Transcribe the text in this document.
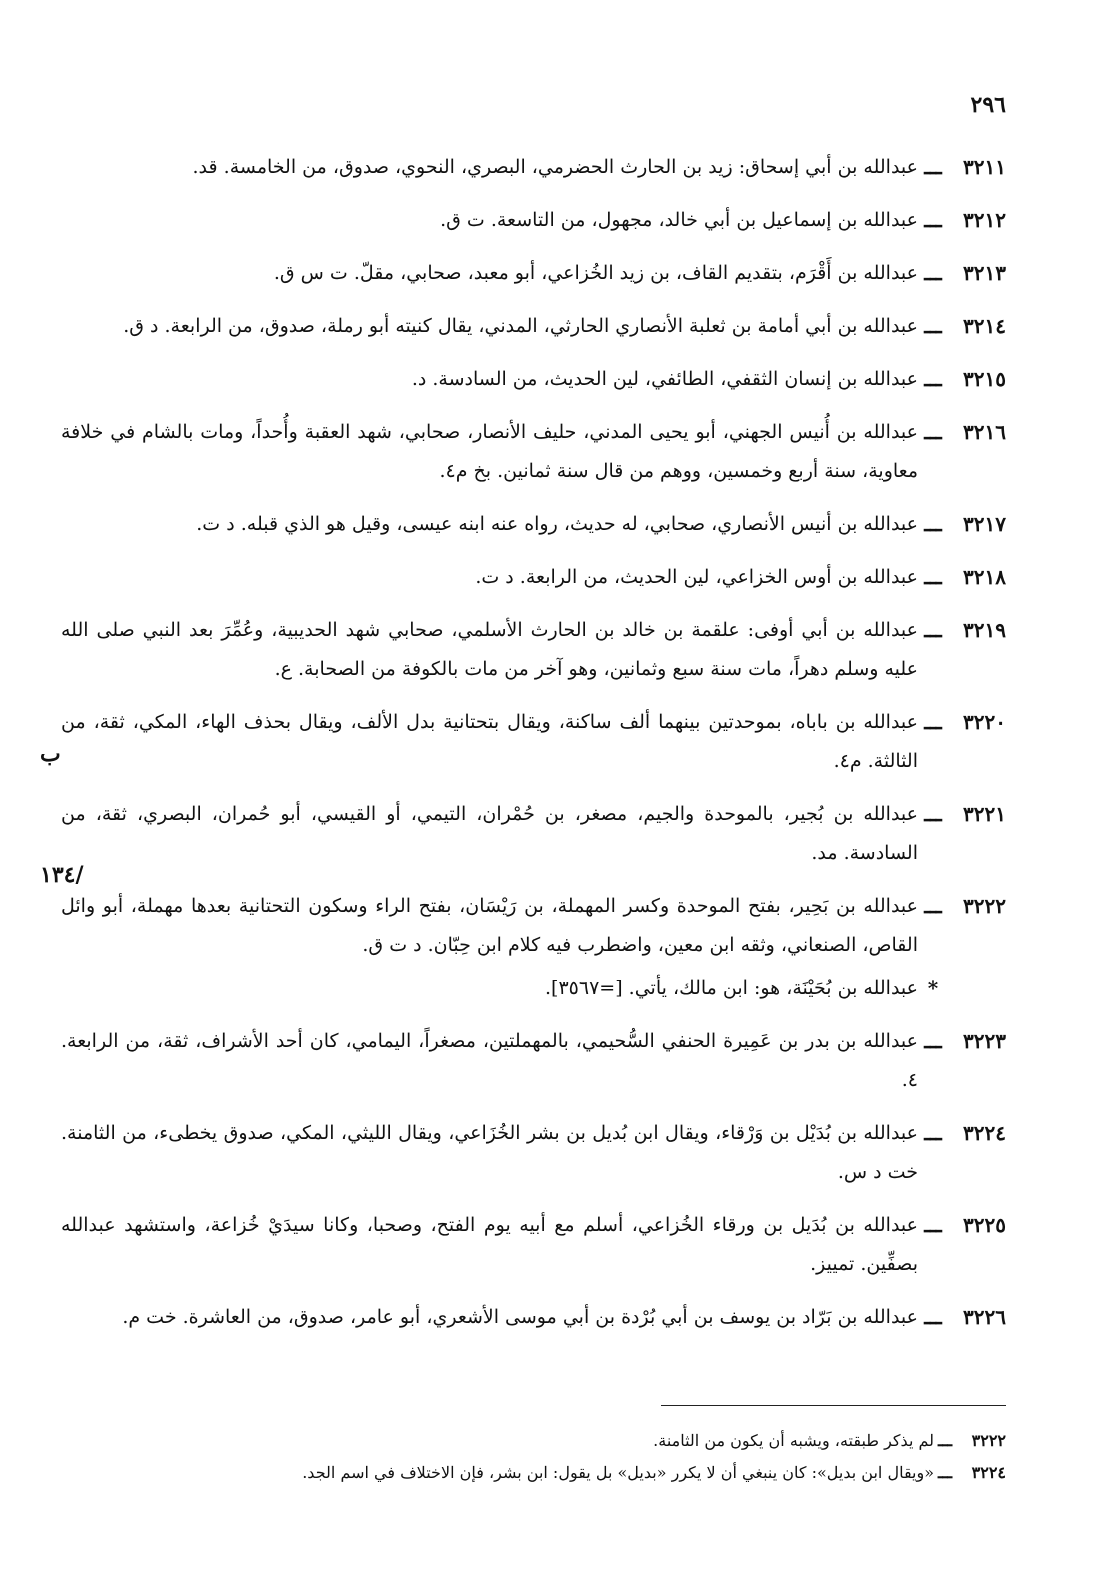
٢٩٦
ب
/١٣٤
٣٢١١
ـــ
عبدالله بن أبي إسحاق: زيد بن الحارث الحضرمي، البصري، النحوي، صدوق، من الخامسة. قد.
٣٢١٢
ـــ
عبدالله بن إسماعيل بن أبي خالد، مجهول، من التاسعة. ت ق.
٣٢١٣
ـــ
عبدالله بن أَقْرَم، بتقديم القاف، بن زيد الخُزاعي، أبو معبد، صحابي، مقلّ. ت س ق.
٣٢١٤
ـــ
عبدالله بن أبي أمامة بن ثعلبة الأنصاري الحارثي، المدني، يقال كنيته أبو رملة، صدوق، من الرابعة. د ق.
٣٢١٥
ـــ
عبدالله بن إنسان الثقفي، الطائفي، لين الحديث، من السادسة. د.
٣٢١٦
ـــ
عبدالله بن أُنيس الجهني، أبو يحيى المدني، حليف الأنصار، صحابي، شهد العقبة وأُحداً، ومات بالشام في خلافة معاوية، سنة أربع وخمسين، ووهم من قال سنة ثمانين. بخ م٤.
٣٢١٧
ـــ
عبدالله بن أنيس الأنصاري، صحابي، له حديث، رواه عنه ابنه عيسى، وقيل هو الذي قبله. د ت.
٣٢١٨
ـــ
عبدالله بن أوس الخزاعي، لين الحديث، من الرابعة. د ت.
٣٢١٩
ـــ
عبدالله بن أبي أوفى: علقمة بن خالد بن الحارث الأسلمي، صحابي شهد الحديبية، وعُمِّرَ بعد النبي صلى الله عليه وسلم دهراً، مات سنة سبع وثمانين، وهو آخر من مات بالكوفة من الصحابة. ع.
٣٢٢٠
ـــ
عبدالله بن باباه، بموحدتين بينهما ألف ساكنة، ويقال بتحتانية بدل الألف، ويقال بحذف الهاء، المكي، ثقة، من الثالثة. م٤.
٣٢٢١
ـــ
عبدالله بن بُجير، بالموحدة والجيم، مصغر، بن حُمْران، التيمي، أو القيسي، أبو حُمران، البصري، ثقة، من السادسة. مد.
٣٢٢٢
ـــ
عبدالله بن بَحِير، بفتح الموحدة وكسر المهملة، بن رَيْسَان، بفتح الراء وسكون التحتانية بعدها مهملة، أبو وائل القاص، الصنعاني، وثقه ابن معين، واضطرب فيه كلام ابن حِبّان. د ت ق.
*
عبدالله بن بُحَيْنَة، هو: ابن مالك، يأتي. [=٣٥٦٧].
٣٢٢٣
ـــ
عبدالله بن بدر بن عَمِيرة الحنفي السُّحيمي، بالمهملتين، مصغراً، اليمامي، كان أحد الأشراف، ثقة، من الرابعة. ٤.
٣٢٢٤
ـــ
عبدالله بن بُدَيْل بن وَرْقاء، ويقال ابن بُديل بن بشر الخُزَاعي، ويقال الليثي، المكي، صدوق يخطىء، من الثامنة. خت د س.
٣٢٢٥
ـــ
عبدالله بن بُدَيل بن ورقاء الخُزاعي، أسلم مع أبيه يوم الفتح، وصحبا، وكانا سيدَيْ خُزاعة، واستشهد عبدالله بصفِّين. تمييز.
٣٢٢٦
ـــ
عبدالله بن بَرّاد بن يوسف بن أبي بُرْدة بن أبي موسى الأشعري، أبو عامر، صدوق، من العاشرة. خت م.
٣٢٢٢
ـــ
لم يذكر طبقته، ويشبه أن يكون من الثامنة.
٣٢٢٤
ـــ
«ويقال ابن بديل»: كان ينبغي أن لا يكرر «بديل» بل يقول: ابن بشر، فإن الاختلاف في اسم الجد.
